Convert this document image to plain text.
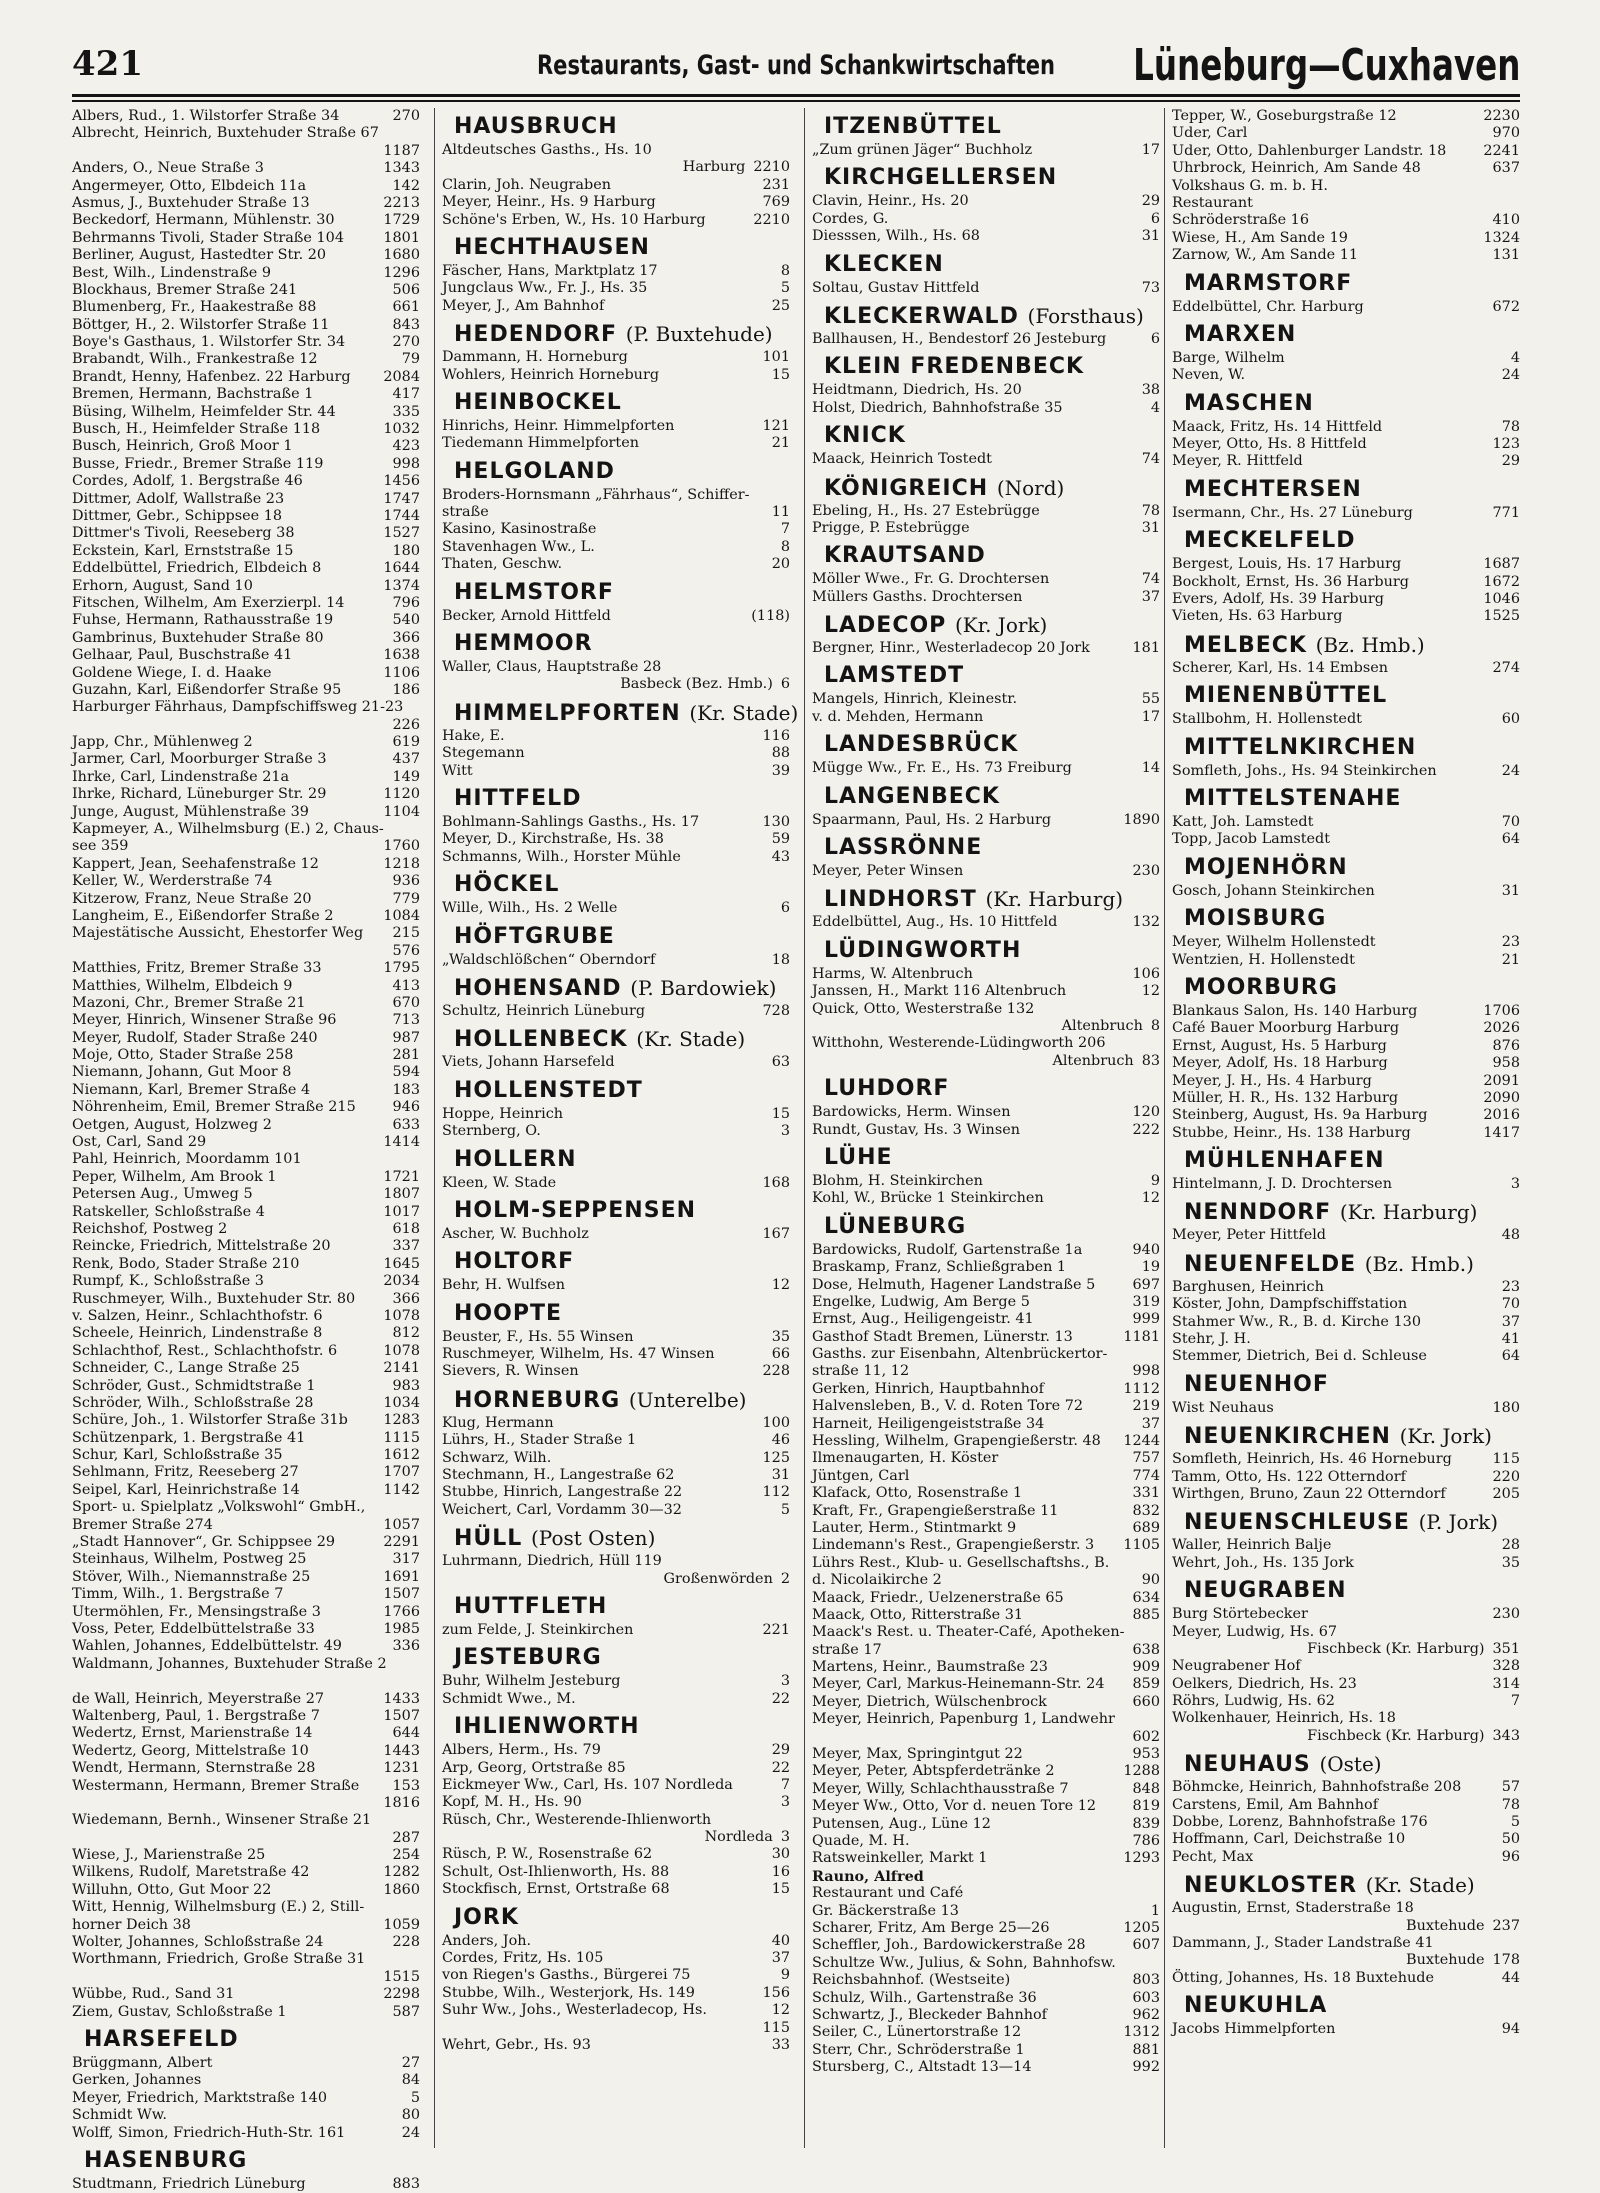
421	Restaurants, Gast- und Schankwirtschaften	Lüneburg—Cuxhaven
Albers, Rud., 1. Wilstorfer Straße 34	270
Albrecht, Heinrich, Buxtehuder Straße 67
1187
Anders, O., Neue Straße 3	1343
Angermeyer, Otto, Elbdeich 11a	142
Asmus, J., Buxtehuder Straße 13	2213
Beckedorf, Hermann, Mühlenstr. 30	1729
Behrmanns Tivoli, Stader Straße 104	1801
Berliner, August, Hastedter Str. 20	1680
Best, Wilh., Lindenstraße 9	1296
Blockhaus, Bremer Straße 241	506
Blumenberg, Fr., Haakestraße 88	661
Böttger, H., 2. Wilstorfer Straße 11	843
Boye's Gasthaus, 1. Wilstorfer Str. 34	270
Brabandt, Wilh., Frankestraße 12	79
Brandt, Henny, Hafenbez. 22 Harburg	2084
Bremen, Hermann, Bachstraße 1	417
Büsing, Wilhelm, Heimfelder Str. 44	335
Busch, H., Heimfelder Straße 118	1032
Busch, Heinrich, Groß Moor 1	423
Busse, Friedr., Bremer Straße 119	998
Cordes, Adolf, 1. Bergstraße 46	1456
Dittmer, Adolf, Wallstraße 23	1747
Dittmer, Gebr., Schippsee 18	1744
Dittmer's Tivoli, Reeseberg 38	1527
Eckstein, Karl, Ernststraße 15	180
Eddelbüttel, Friedrich, Elbdeich 8	1644
Erhorn, August, Sand 10	1374
Fitschen, Wilhelm, Am Exerzierpl. 14	796
Fuhse, Hermann, Rathausstraße 19	540
Gambrinus, Buxtehuder Straße 80	366
Gelhaar, Paul, Buschstraße 41	1638
Goldene Wiege, I. d. Haake	1106
Guzahn, Karl, Eißendorfer Straße 95	186
Harburger Fährhaus, Dampfschiffsweg 21-23
226
Japp, Chr., Mühlenweg 2	619
Jarmer, Carl, Moorburger Straße 3	437
Ihrke, Carl, Lindenstraße 21a	149
Ihrke, Richard, Lüneburger Str. 29	1120
Junge, August, Mühlenstraße 39	1104
Kapmeyer, A., Wilhelmsburg (E.) 2, Chaus-
see 359	1760
Kappert, Jean, Seehafenstraße 12	1218
Keller, W., Werderstraße 74	936
Kitzerow, Franz, Neue Straße 20	779
Langheim, E., Eißendorfer Straße 2	1084
Majestätische Aussicht, Ehestorfer Weg	215
576
Matthies, Fritz, Bremer Straße 33	1795
Matthies, Wilhelm, Elbdeich 9	413
Mazoni, Chr., Bremer Straße 21	670
Meyer, Hinrich, Winsener Straße 96	713
Meyer, Rudolf, Stader Straße 240	987
Moje, Otto, Stader Straße 258	281
Niemann, Johann, Gut Moor 8	594
Niemann, Karl, Bremer Straße 4	183
Nöhrenheim, Emil, Bremer Straße 215	946
Oetgen, August, Holzweg 2	633
Ost, Carl, Sand 29	1414
Pahl, Heinrich, Moordamm 101
Peper, Wilhelm, Am Brook 1	1721
Petersen Aug., Umweg 5	1807
Ratskeller, Schloßstraße 4	1017
Reichshof, Postweg 2	618
Reincke, Friedrich, Mittelstraße 20	337
Renk, Bodo, Stader Straße 210	1645
Rumpf, K., Schloßstraße 3	2034
Ruschmeyer, Wilh., Buxtehuder Str. 80	366
v. Salzen, Heinr., Schlachthofstr. 6	1078
Scheele, Heinrich, Lindenstraße 8	812
Schlachthof, Rest., Schlachthofstr. 6	1078
Schneider, C., Lange Straße 25	2141
Schröder, Gust., Schmidtstraße 1	983
Schröder, Wilh., Schloßstraße 28	1034
Schüre, Joh., 1. Wilstorfer Straße 31b	1283
Schützenpark, 1. Bergstraße 41	1115
Schur, Karl, Schloßstraße 35	1612
Sehlmann, Fritz, Reeseberg 27	1707
Seipel, Karl, Heinrichstraße 14	1142
Sport- u. Spielplatz „Volkswohl“ GmbH.,
Bremer Straße 274	1057
„Stadt Hannover“, Gr. Schippsee 29	2291
Steinhaus, Wilhelm, Postweg 25	317
Stöver, Wilh., Niemannstraße 25	1691
Timm, Wilh., 1. Bergstraße 7	1507
Utermöhlen, Fr., Mensingstraße 3	1766
Voss, Peter, Eddelbüttelstraße 33	1985
Wahlen, Johannes, Eddelbüttelstr. 49	336
Waldmann, Johannes, Buxtehuder Straße 2
de Wall, Heinrich, Meyerstraße 27	1433
Waltenberg, Paul, 1. Bergstraße 7	1507
Wedertz, Ernst, Marienstraße 14	644
Wedertz, Georg, Mittelstraße 10	1443
Wendt, Hermann, Sternstraße 28	1231
Westermann, Hermann, Bremer Straße	153
1816
Wiedemann, Bernh., Winsener Straße 21
287
Wiese, J., Marienstraße 25	254
Wilkens, Rudolf, Maretstraße 42	1282
Willuhn, Otto, Gut Moor 22	1860
Witt, Hennig, Wilhelmsburg (E.) 2, Still-
horner Deich 38	1059
Wolter, Johannes, Schloßstraße 24	228
Worthmann, Friedrich, Große Straße 31
1515
Wübbe, Rud., Sand 31	2298
Ziem, Gustav, Schloßstraße 1	587
HARSEFELD
Brüggmann, Albert	27
Gerken, Johannes	84
Meyer, Friedrich, Marktstraße 140	5
Schmidt Ww.	80
Wolff, Simon, Friedrich-Huth-Str. 161	24
HASENBURG
Studtmann, Friedrich Lüneburg	883
HAUSBRUCH
Altdeutsches Gasths., Hs. 10
Harburg 2210
Clarin, Joh. Neugraben	231
Meyer, Heinr., Hs. 9 Harburg	769
Schöne's Erben, W., Hs. 10 Harburg	2210
HECHTHAUSEN
Fäscher, Hans, Marktplatz 17	8
Jungclaus Ww., Fr. J., Hs. 35	5
Meyer, J., Am Bahnhof	25
HEDENDORF (P. Buxtehude)
Dammann, H. Horneburg	101
Wohlers, Heinrich Horneburg	15
HEINBOCKEL
Hinrichs, Heinr. Himmelpforten	121
Tiedemann Himmelpforten	21
HELGOLAND
Broders-Hornsmann „Fährhaus“, Schiffer-
straße	11
Kasino, Kasinostraße	7
Stavenhagen Ww., L.	8
Thaten, Geschw.	20
HELMSTORF
Becker, Arnold Hittfeld	(118)
HEMMOOR
Waller, Claus, Hauptstraße 28
Basbeck (Bez. Hmb.) 6
HIMMELPFORTEN (Kr. Stade)
Hake, E.	116
Stegemann	88
Witt	39
HITTFELD
Bohlmann-Sahlings Gasths., Hs. 17	130
Meyer, D., Kirchstraße, Hs. 38	59
Schmanns, Wilh., Horster Mühle	43
HÖCKEL
Wille, Wilh., Hs. 2 Welle	6
HÖFTGRUBE
„Waldschlößchen“ Oberndorf	18
HOHENSAND (P. Bardowiek)
Schultz, Heinrich Lüneburg	728
HOLLENBECK (Kr. Stade)
Viets, Johann Harsefeld	63
HOLLENSTEDT
Hoppe, Heinrich	15
Sternberg, O.	3
HOLLERN
Kleen, W. Stade	168
HOLM-SEPPENSEN
Ascher, W. Buchholz	167
HOLTORF
Behr, H. Wulfsen	12
HOOPTE
Beuster, F., Hs. 55 Winsen	35
Ruschmeyer, Wilhelm, Hs. 47 Winsen	66
Sievers, R. Winsen	228
HORNEBURG (Unterelbe)
Klug, Hermann	100
Lührs, H., Stader Straße 1	46
Schwarz, Wilh.	125
Stechmann, H., Langestraße 62	31
Stubbe, Hinrich, Langestraße 22	112
Weichert, Carl, Vordamm 30—32	5
HÜLL (Post Osten)
Luhrmann, Diedrich, Hüll 119
Großenwörden 2
HUTTFLETH
zum Felde, J. Steinkirchen	221
JESTEBURG
Buhr, Wilhelm Jesteburg	3
Schmidt Wwe., M.	22
IHLIENWORTH
Albers, Herm., Hs. 79	29
Arp, Georg, Ortstraße 85	22
Eickmeyer Ww., Carl, Hs. 107 Nordleda	7
Kopf, M. H., Hs. 90	3
Rüsch, Chr., Westerende-Ihlienworth
Nordleda 3
Rüsch, P. W., Rosenstraße 62	30
Schult, Ost-Ihlienworth, Hs. 88	16
Stockfisch, Ernst, Ortstraße 68	15
JORK
Anders, Joh.	40
Cordes, Fritz, Hs. 105	37
von Riegen's Gasths., Bürgerei 75	9
Stubbe, Wilh., Westerjork, Hs. 149	156
Suhr Ww., Johs., Westerladecop, Hs.	12
115
Wehrt, Gebr., Hs. 93	33
ITZENBÜTTEL
„Zum grünen Jäger“ Buchholz	17
KIRCHGELLERSEN
Clavin, Heinr., Hs. 20	29
Cordes, G.	6
Diesssen, Wilh., Hs. 68	31
KLECKEN
Soltau, Gustav Hittfeld	73
KLECKERWALD (Forsthaus)
Ballhausen, H., Bendestorf 26 Jesteburg	6
KLEIN FREDENBECK
Heidtmann, Diedrich, Hs. 20	38
Holst, Diedrich, Bahnhofstraße 35	4
KNICK
Maack, Heinrich Tostedt	74
KÖNIGREICH (Nord)
Ebeling, H., Hs. 27 Estebrügge	78
Prigge, P. Estebrügge	31
KRAUTSAND
Möller Wwe., Fr. G. Drochtersen	74
Müllers Gasths. Drochtersen	37
LADECOP (Kr. Jork)
Bergner, Hinr., Westerladecop 20 Jork	181
LAMSTEDT
Mangels, Hinrich, Kleinestr.	55
v. d. Mehden, Hermann	17
LANDESBRÜCK
Mügge Ww., Fr. E., Hs. 73 Freiburg	14
LANGENBECK
Spaarmann, Paul, Hs. 2 Harburg	1890
LASSRÖNNE
Meyer, Peter Winsen	230
LINDHORST (Kr. Harburg)
Eddelbüttel, Aug., Hs. 10 Hittfeld	132
LÜDINGWORTH
Harms, W. Altenbruch	106
Janssen, H., Markt 116 Altenbruch	12
Quick, Otto, Westerstraße 132
Altenbruch 8
Witthohn, Westerende-Lüdingworth 206
Altenbruch 83
LUHDORF
Bardowicks, Herm. Winsen	120
Rundt, Gustav, Hs. 3 Winsen	222
LÜHE
Blohm, H. Steinkirchen	9
Kohl, W., Brücke 1 Steinkirchen	12
LÜNEBURG
Bardowicks, Rudolf, Gartenstraße 1a	940
Braskamp, Franz, Schließgraben 1	19
Dose, Helmuth, Hagener Landstraße 5	697
Engelke, Ludwig, Am Berge 5	319
Ernst, Aug., Heiligengeistr. 41	999
Gasthof Stadt Bremen, Lünerstr. 13	1181
Gasths. zur Eisenbahn, Altenbrückertor-
straße 11, 12	998
Gerken, Hinrich, Hauptbahnhof	1112
Halvensleben, B., V. d. Roten Tore 72	219
Harneit, Heiligengeiststraße 34	37
Hessling, Wilhelm, Grapengießerstr. 48	1244
Ilmenaugarten, H. Köster	757
Jüntgen, Carl	774
Klafack, Otto, Rosenstraße 1	331
Kraft, Fr., Grapengießerstraße 11	832
Lauter, Herm., Stintmarkt 9	689
Lindemann's Rest., Grapengießerstr. 3	1105
Lührs Rest., Klub- u. Gesellschaftshs., B.
d. Nicolaikirche 2	90
Maack, Friedr., Uelzenerstraße 65	634
Maack, Otto, Ritterstraße 31	885
Maack's Rest. u. Theater-Café, Apotheken-
straße 17	638
Martens, Heinr., Baumstraße 23	909
Meyer, Carl, Markus-Heinemann-Str. 24	859
Meyer, Dietrich, Wülschenbrock	660
Meyer, Heinrich, Papenburg 1, Landwehr
602
Meyer, Max, Springintgut 22	953
Meyer, Peter, Abtspferdetränke 2	1288
Meyer, Willy, Schlachthausstraße 7	848
Meyer Ww., Otto, Vor d. neuen Tore 12	819
Putensen, Aug., Lüne 12	839
Quade, M. H.	786
Ratsweinkeller, Markt 1	1293
Rauno, Alfred
Restaurant und Café
Gr. Bäckerstraße 13	1
Scharer, Fritz, Am Berge 25—26	1205
Scheffler, Joh., Bardowickerstraße 28	607
Schultze Ww., Julius, & Sohn, Bahnhofsw.
Reichsbahnhof. (Westseite)	803
Schulz, Wilh., Gartenstraße 36	603
Schwartz, J., Bleckeder Bahnhof	962
Seiler, C., Lünertorstraße 12	1312
Sterr, Chr., Schröderstraße 1	881
Stursberg, C., Altstadt 13—14	992
Tepper, W., Goseburgstraße 12	2230
Uder, Carl	970
Uder, Otto, Dahlenburger Landstr. 18	2241
Uhrbrock, Heinrich, Am Sande 48	637
Volkshaus G. m. b. H.
Restaurant
Schröderstraße 16	410
Wiese, H., Am Sande 19	1324
Zarnow, W., Am Sande 11	131
MARMSTORF
Eddelbüttel, Chr. Harburg	672
MARXEN
Barge, Wilhelm	4
Neven, W.	24
MASCHEN
Maack, Fritz, Hs. 14 Hittfeld	78
Meyer, Otto, Hs. 8 Hittfeld	123
Meyer, R. Hittfeld	29
MECHTERSEN
Isermann, Chr., Hs. 27 Lüneburg	771
MECKELFELD
Bergest, Louis, Hs. 17 Harburg	1687
Bockholt, Ernst, Hs. 36 Harburg	1672
Evers, Adolf, Hs. 39 Harburg	1046
Vieten, Hs. 63 Harburg	1525
MELBECK (Bz. Hmb.)
Scherer, Karl, Hs. 14 Embsen	274
MIENENBÜTTEL
Stallbohm, H. Hollenstedt	60
MITTELNKIRCHEN
Somfleth, Johs., Hs. 94 Steinkirchen	24
MITTELSTENAHE
Katt, Joh. Lamstedt	70
Topp, Jacob Lamstedt	64
MOJENHÖRN
Gosch, Johann Steinkirchen	31
MOISBURG
Meyer, Wilhelm Hollenstedt	23
Wentzien, H. Hollenstedt	21
MOORBURG
Blankaus Salon, Hs. 140 Harburg	1706
Café Bauer Moorburg Harburg	2026
Ernst, August, Hs. 5 Harburg	876
Meyer, Adolf, Hs. 18 Harburg	958
Meyer, J. H., Hs. 4 Harburg	2091
Müller, H. R., Hs. 132 Harburg	2090
Steinberg, August, Hs. 9a Harburg	2016
Stubbe, Heinr., Hs. 138 Harburg	1417
MÜHLENHAFEN
Hintelmann, J. D. Drochtersen	3
NENNDORF (Kr. Harburg)
Meyer, Peter Hittfeld	48
NEUENFELDE (Bz. Hmb.)
Barghusen, Heinrich	23
Köster, John, Dampfschiffstation	70
Stahmer Ww., R., B. d. Kirche 130	37
Stehr, J. H.	41
Stemmer, Dietrich, Bei d. Schleuse	64
NEUENHOF
Wist Neuhaus	180
NEUENKIRCHEN (Kr. Jork)
Somfleth, Heinrich, Hs. 46 Horneburg	115
Tamm, Otto, Hs. 122 Otterndorf	220
Wirthgen, Bruno, Zaun 22 Otterndorf	205
NEUENSCHLEUSE (P. Jork)
Waller, Heinrich Balje	28
Wehrt, Joh., Hs. 135 Jork	35
NEUGRABEN
Burg Störtebecker	230
Meyer, Ludwig, Hs. 67
Fischbeck (Kr. Harburg) 351
Neugrabener Hof	328
Oelkers, Diedrich, Hs. 23	314
Röhrs, Ludwig, Hs. 62	7
Wolkenhauer, Heinrich, Hs. 18
Fischbeck (Kr. Harburg) 343
NEUHAUS (Oste)
Böhmcke, Heinrich, Bahnhofstraße 208	57
Carstens, Emil, Am Bahnhof	78
Dobbe, Lorenz, Bahnhofstraße 176	5
Hoffmann, Carl, Deichstraße 10	50
Pecht, Max	96
NEUKLOSTER (Kr. Stade)
Augustin, Ernst, Staderstraße 18
Buxtehude 237
Dammann, J., Stader Landstraße 41
Buxtehude 178
Ötting, Johannes, Hs. 18 Buxtehude	44
NEUKUHLA
Jacobs Himmelpforten	94
